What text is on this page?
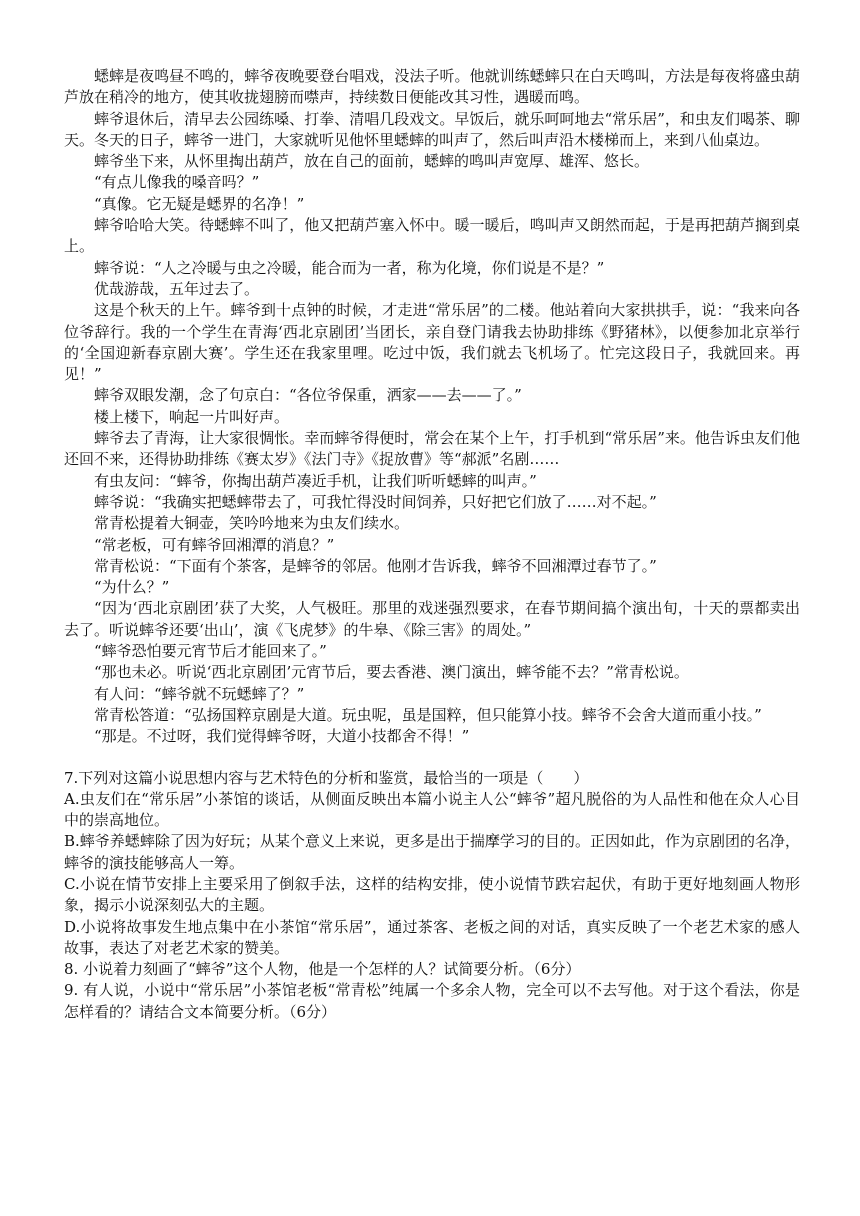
蟋蟀是夜鸣昼不鸣的，蟀爷夜晚要登台唱戏，没法子听。他就训练蟋蟀只在白天鸣叫，方法是每夜将盛虫葫芦放在稍冷的地方，使其收拢翅膀而噤声，持续数日便能改其习性，遇暖而鸣。

蟀爷退休后，清早去公园练嗓、打拳、清唱几段戏文。早饭后，就乐呵呵地去“常乐居”，和虫友们喝茶、聊天。冬天的日子，蟀爷一进门，大家就听见他怀里蟋蟀的叫声了，然后叫声沿木楼梯而上，来到八仙桌边。

蟀爷坐下来，从怀里掏出葫芦，放在自己的面前，蟋蟀的鸣叫声宽厚、雄浑、悠长。

“有点儿像我的嗓音吗？”

“真像。它无疑是蟋界的名净！”

蟀爷哈哈大笑。待蟋蟀不叫了，他又把葫芦塞入怀中。暖一暖后，鸣叫声又朗然而起，于是再把葫芦搁到桌上。

蟀爷说：“人之冷暖与虫之冷暖，能合而为一者，称为化境，你们说是不是？”

优哉游哉，五年过去了。

这是个秋天的上午。蟀爷到十点钟的时候，才走进“常乐居”的二楼。他站着向大家拱拱手，说：“我来向各位爷辞行。我的一个学生在青海‘西北京剧团’当团长，亲自登门请我去协助排练《野猪林》，以便参加北京举行的‘全国迎新春京剧大赛’。学生还在我家里哩。吃过中饭，我们就去飞机场了。忙完这段日子，我就回来。再见！”

蟀爷双眼发潮，念了句京白：“各位爷保重，洒家——去——了。”

楼上楼下，响起一片叫好声。

蟀爷去了青海，让大家很惆怅。幸而蟀爷得便时，常会在某个上午，打手机到“常乐居”来。他告诉虫友们他还回不来，还得协助排练《赛太岁》《法门寺》《捉放曹》等“郝派”名剧……

有虫友问：“蟀爷，你掏出葫芦凑近手机，让我们听听蟋蟀的叫声。”

蟀爷说：“我确实把蟋蟀带去了，可我忙得没时间饲养，只好把它们放了……对不起。”

常青松提着大铜壶，笑吟吟地来为虫友们续水。

“常老板，可有蟀爷回湘潭的消息？”

常青松说：“下面有个茶客，是蟀爷的邻居。他刚才告诉我，蟀爷不回湘潭过春节了。”

“为什么？”

“因为‘西北京剧团’获了大奖，人气极旺。那里的戏迷强烈要求，在春节期间搞个演出旬，十天的票都卖出去了。听说蟀爷还要‘出山’，演《飞虎梦》的牛皋、《除三害》的周处。”

“蟀爷恐怕要元宵节后才能回来了。”

“那也未必。听说‘西北京剧团’元宵节后，要去香港、澳门演出，蟀爷能不去？”常青松说。

有人问：“蟀爷就不玩蟋蟀了？”

常青松答道：“弘扬国粹京剧是大道。玩虫呢，虽是国粹，但只能算小技。蟀爷不会舍大道而重小技。”

“那是。不过呀，我们觉得蟀爷呀，大道小技都舍不得！”

7.下列对这篇小说思想内容与艺术特色的分析和鉴赏，最恰当的一项是（　　）

A.虫友们在“常乐居”小茶馆的谈话，从侧面反映出本篇小说主人公“蟀爷”超凡脱俗的为人品性和他在众人心目中的崇高地位。

B.蟀爷养蟋蟀除了因为好玩；从某个意义上来说，更多是出于揣摩学习的目的。正因如此，作为京剧团的名净，蟀爷的演技能够高人一筹。

C.小说在情节安排上主要采用了倒叙手法，这样的结构安排，使小说情节跌宕起伏，有助于更好地刻画人物形象，揭示小说深刻弘大的主题。

D.小说将故事发生地点集中在小茶馆“常乐居”，通过茶客、老板之间的对话，真实反映了一个老艺术家的感人故事，表达了对老艺术家的赞美。

8. 小说着力刻画了“蟀爷”这个人物，他是一个怎样的人？试简要分析。（6分）

9. 有人说，小说中“常乐居”小茶馆老板“常青松”纯属一个多余人物，完全可以不去写他。对于这个看法，你是怎样看的？请结合文本简要分析。（6分）
